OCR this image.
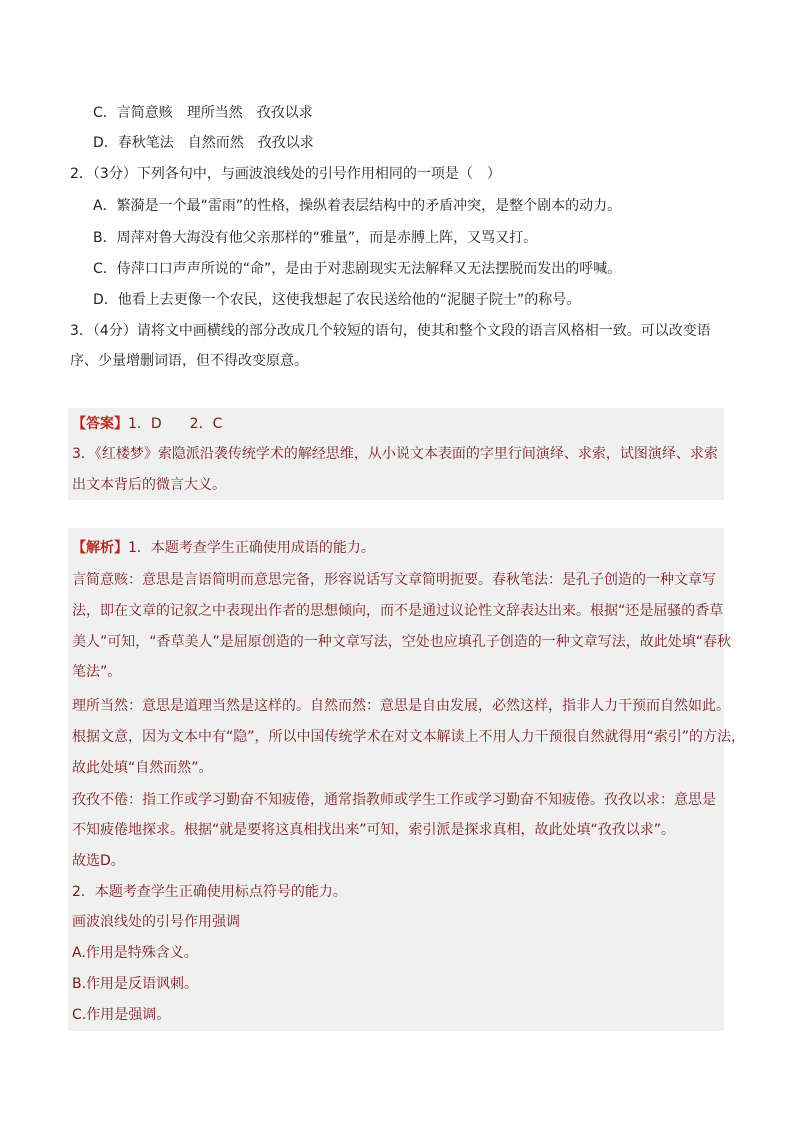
C．言简意赅　理所当然　孜孜以求
D．春秋笔法　自然而然　孜孜以求
2．（3分）下列各句中，与画波浪线处的引号作用相同的一项是（　）
A．繁漪是一个最“雷雨”的性格，操纵着表层结构中的矛盾冲突，是整个剧本的动力。
B．周萍对鲁大海没有他父亲那样的“雅量”，而是赤膊上阵，又骂又打。
C．侍萍口口声声所说的“命”，是由于对悲剧现实无法解释又无法摆脱而发出的呼喊。
D．他看上去更像一个农民，这使我想起了农民送给他的“泥腿子院士”的称号。
3．（4分）请将文中画横线的部分改成几个较短的语句，使其和整个文段的语言风格相一致。可以改变语
序、少量增删词语，但不得改变原意。
【答案】1．D　　2．C
3．《红楼梦》索隐派沿袭传统学术的解经思维，从小说文本表面的字里行间演绎、求索，试图演绎、求索
出文本背后的微言大义。
【解析】1．本题考查学生正确使用成语的能力。
言简意赅：意思是言语简明而意思完备，形容说话写文章简明扼要。春秋笔法：是孔子创造的一种文章写
法，即在文章的记叙之中表现出作者的思想倾向，而不是通过议论性文辞表达出来。根据“还是屈骚的香草
美人”可知，“香草美人”是屈原创造的一种文章写法，空处也应填孔子创造的一种文章写法，故此处填“春秋
笔法”。
理所当然：意思是道理当然是这样的。自然而然：意思是自由发展，必然这样，指非人力干预而自然如此。
根据文意，因为文本中有“隐”，所以中国传统学术在对文本解读上不用人力干预很自然就得用“索引”的方法，
故此处填“自然而然”。
孜孜不倦：指工作或学习勤奋不知疲倦，通常指教师或学生工作或学习勤奋不知疲倦。孜孜以求：意思是
不知疲倦地探求。根据“就是要将这真相找出来”可知，索引派是探求真相，故此处填“孜孜以求”。
故选D。
2．本题考查学生正确使用标点符号的能力。
画波浪线处的引号作用强调
A.作用是特殊含义。
B.作用是反语讽刺。
C.作用是强调。
